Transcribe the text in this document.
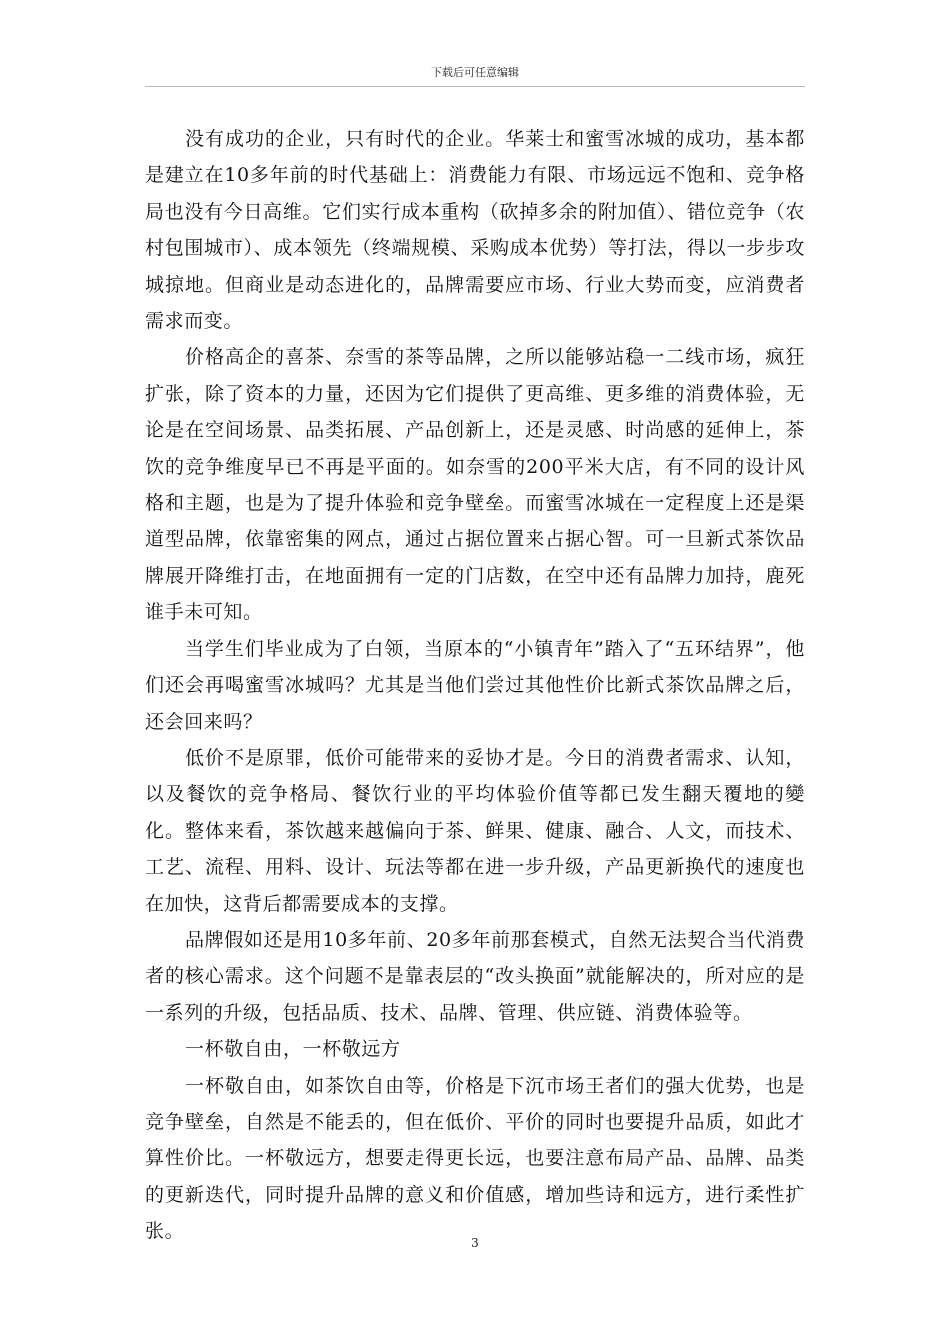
下载后可任意编辑

没有成功的企业，只有时代的企业。华莱士和蜜雪冰城的成功，基本都是建立在10多年前的时代基础上：消费能力有限、市场远远不饱和、竞争格局也没有今日高维。它们实行成本重构（砍掉多余的附加值）、错位竞争（农村包围城市）、成本领先（终端规模、采购成本优势）等打法，得以一步步攻城掠地。但商业是动态进化的，品牌需要应市场、行业大势而变，应消费者需求而变。

价格高企的喜茶、奈雪的茶等品牌，之所以能够站稳一二线市场，疯狂扩张，除了资本的力量，还因为它们提供了更高维、更多维的消费体验，无论是在空间场景、品类拓展、产品创新上，还是灵感、时尚感的延伸上，茶饮的竞争维度早已不再是平面的。如奈雪的200平米大店，有不同的设计风格和主题，也是为了提升体验和竞争壁垒。而蜜雪冰城在一定程度上还是渠道型品牌，依靠密集的网点，通过占据位置来占据心智。可一旦新式茶饮品牌展开降维打击，在地面拥有一定的门店数，在空中还有品牌力加持，鹿死谁手未可知。

当学生们毕业成为了白领，当原本的“小镇青年”踏入了“五环结界”，他们还会再喝蜜雪冰城吗？尤其是当他们尝过其他性价比新式茶饮品牌之后，还会回来吗？

低价不是原罪，低价可能带来的妥协才是。今日的消费者需求、认知，以及餐饮的竞争格局、餐饮行业的平均体验价值等都已发生翻天覆地的變化。整体来看，茶饮越来越偏向于茶、鲜果、健康、融合、人文，而技术、工艺、流程、用料、设计、玩法等都在进一步升级，产品更新换代的速度也在加快，这背后都需要成本的支撑。

品牌假如还是用10多年前、20多年前那套模式，自然无法契合当代消费者的核心需求。这个问题不是靠表层的“改头换面”就能解决的，所对应的是一系列的升级，包括品质、技术、品牌、管理、供应链、消费体验等。

一杯敬自由，一杯敬远方

一杯敬自由，如茶饮自由等，价格是下沉市场王者们的强大优势，也是竞争壁垒，自然是不能丢的，但在低价、平价的同时也要提升品质，如此才算性价比。一杯敬远方，想要走得更长远，也要注意布局产品、品牌、品类的更新迭代，同时提升品牌的意义和价值感，增加些诗和远方，进行柔性扩张。

3
